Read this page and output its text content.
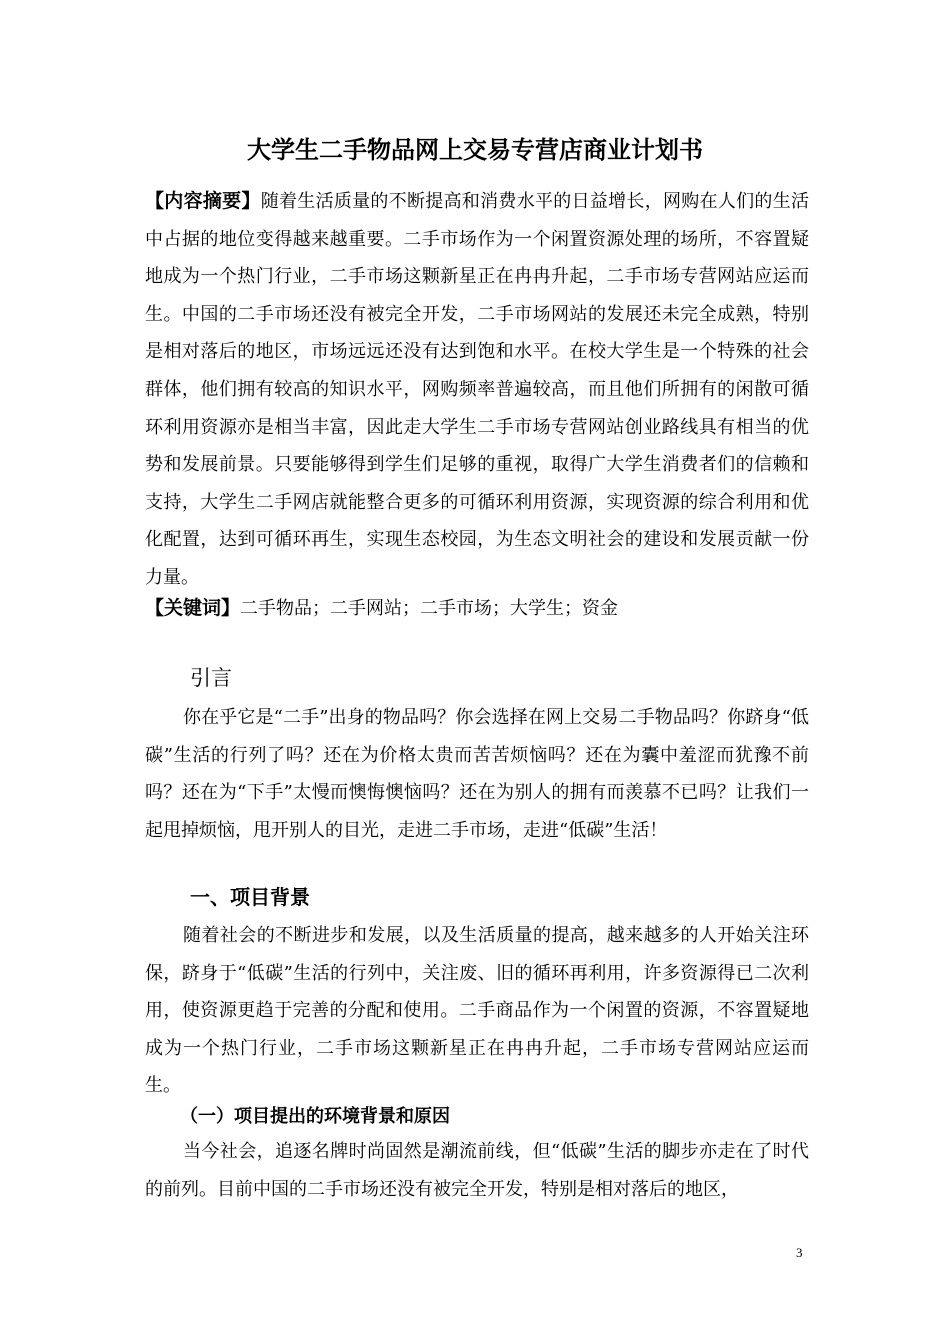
大学生二手物品网上交易专营店商业计划书
【内容摘要】随着生活质量的不断提高和消费水平的日益增长，网购在人们的生活中占据的地位变得越来越重要。二手市场作为一个闲置资源处理的场所，不容置疑地成为一个热门行业，二手市场这颗新星正在冉冉升起，二手市场专营网站应运而生。中国的二手市场还没有被完全开发，二手市场网站的发展还未完全成熟，特别是相对落后的地区，市场远远还没有达到饱和水平。在校大学生是一个特殊的社会群体，他们拥有较高的知识水平，网购频率普遍较高，而且他们所拥有的闲散可循环利用资源亦是相当丰富，因此走大学生二手市场专营网站创业路线具有相当的优势和发展前景。只要能够得到学生们足够的重视，取得广大学生消费者们的信赖和支持，大学生二手网店就能整合更多的可循环利用资源，实现资源的综合利用和优化配置，达到可循环再生，实现生态校园，为生态文明社会的建设和发展贡献一份力量。
【关键词】二手物品；二手网站；二手市场；大学生；资金
引言
你在乎它是“二手”出身的物品吗？你会选择在网上交易二手物品吗？你跻身“低碳”生活的行列了吗？还在为价格太贵而苦苦烦恼吗？还在为囊中羞涩而犹豫不前吗？还在为“下手”太慢而懊悔懊恼吗？还在为别人的拥有而羡慕不已吗？让我们一起甩掉烦恼，甩开别人的目光，走进二手市场，走进“低碳”生活！
一、项目背景
随着社会的不断进步和发展，以及生活质量的提高，越来越多的人开始关注环保，跻身于“低碳”生活的行列中，关注废、旧的循环再利用，许多资源得已二次利用，使资源更趋于完善的分配和使用。二手商品作为一个闲置的资源，不容置疑地成为一个热门行业，二手市场这颗新星正在冉冉升起，二手市场专营网站应运而生。
（一）项目提出的环境背景和原因
当今社会，追逐名牌时尚固然是潮流前线，但“低碳”生活的脚步亦走在了时代的前列。目前中国的二手市场还没有被完全开发，特别是相对落后的地区，
3
